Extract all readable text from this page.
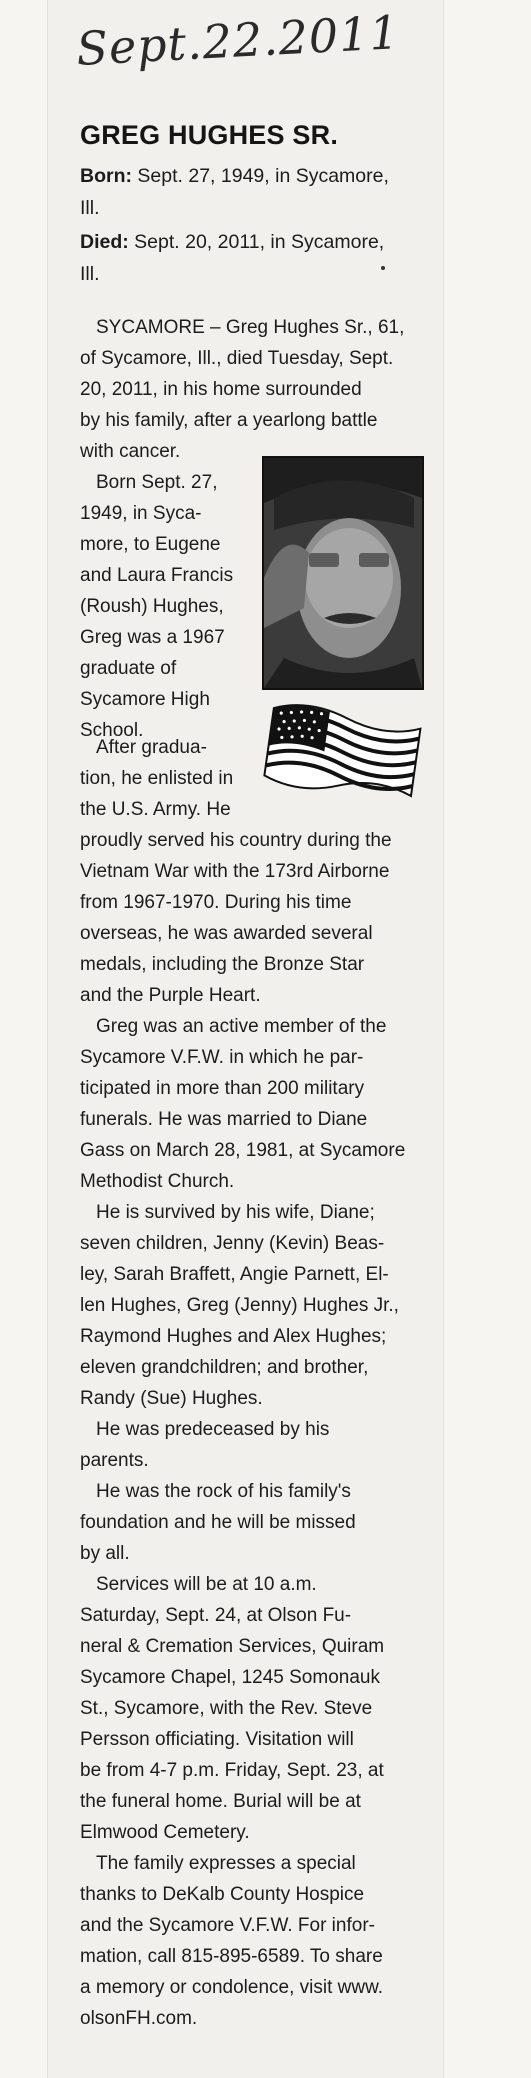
Sept.22.2011
GREG HUGHES SR.
Born: Sept. 27, 1949, in Sycamore,
Ill.
Died: Sept. 20, 2011, in Sycamore,
Ill.
SYCAMORE – Greg Hughes Sr., 61,
of Sycamore, Ill., died Tuesday, Sept.
20, 2011, in his home surrounded
by his family, after a yearlong battle
with cancer.
Born Sept. 27,
1949, in Syca-
more, to Eugene
and Laura Francis
(Roush) Hughes,
Greg was a 1967
graduate of
Sycamore High
School.
After gradua-
tion, he enlisted in
the U.S. Army. He
proudly served his country during the
Vietnam War with the 173rd Airborne
from 1967-1970. During his time
overseas, he was awarded several
medals, including the Bronze Star
and the Purple Heart.
Greg was an active member of the
Sycamore V.F.W. in which he par-
ticipated in more than 200 military
funerals. He was married to Diane
Gass on March 28, 1981, at Sycamore
Methodist Church.
He is survived by his wife, Diane;
seven children, Jenny (Kevin) Beas-
ley, Sarah Braffett, Angie Parnett, El-
len Hughes, Greg (Jenny) Hughes Jr.,
Raymond Hughes and Alex Hughes;
eleven grandchildren; and brother,
Randy (Sue) Hughes.
He was predeceased by his
parents.
He was the rock of his family's
foundation and he will be missed
by all.
Services will be at 10 a.m.
Saturday, Sept. 24, at Olson Fu-
neral & Cremation Services, Quiram
Sycamore Chapel, 1245 Somonauk
St., Sycamore, with the Rev. Steve
Persson officiating. Visitation will
be from 4-7 p.m. Friday, Sept. 23, at
the funeral home. Burial will be at
Elmwood Cemetery.
The family expresses a special
thanks to DeKalb County Hospice
and the Sycamore V.F.W. For infor-
mation, call 815-895-6589. To share
a memory or condolence, visit www.
olsonFH.com.
